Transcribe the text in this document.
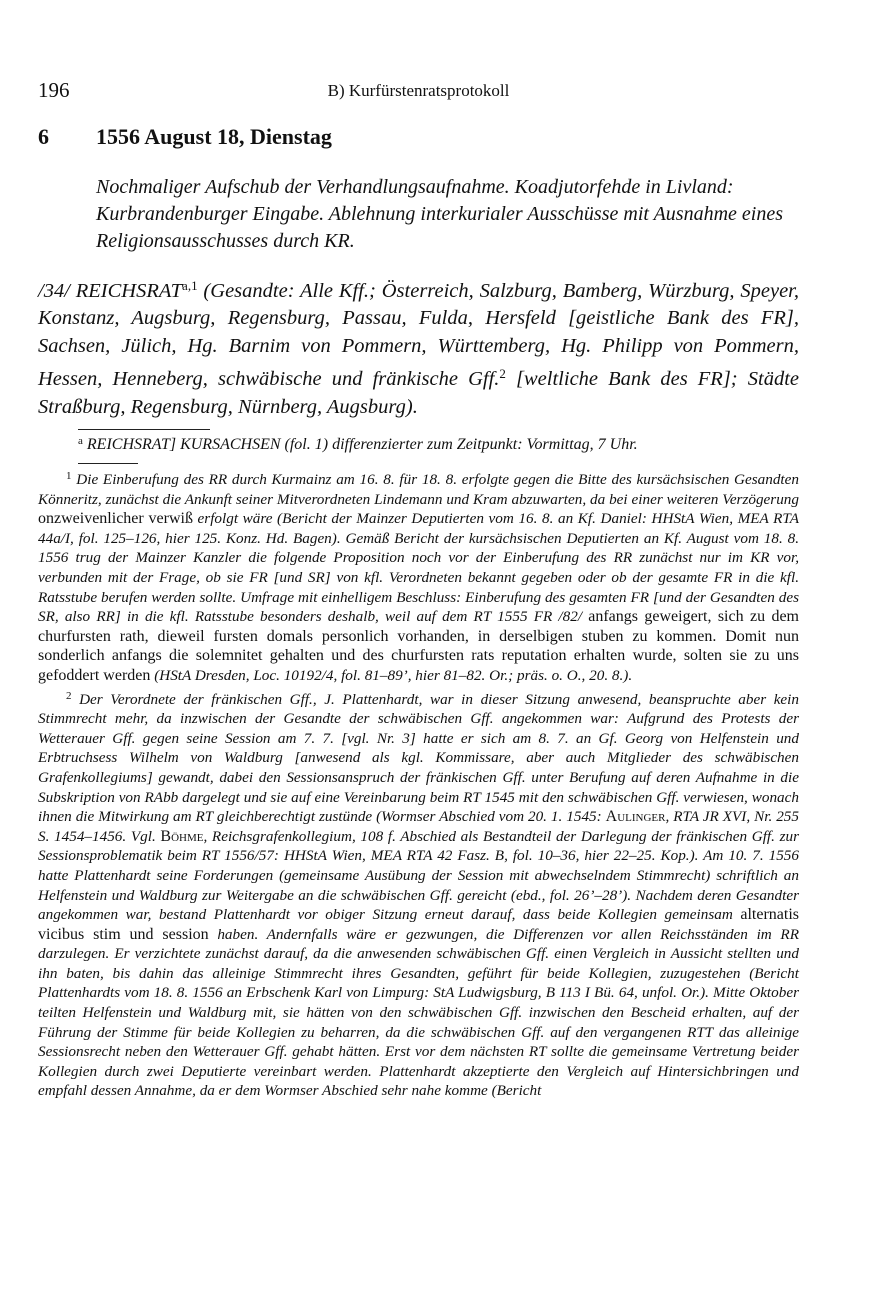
196	B) Kurfürstenratsprotokoll
6	1556 August 18, Dienstag
Nochmaliger Aufschub der Verhandlungsaufnahme. Koadjutorfehde in Livland: Kurbrandenburger Eingabe. Ablehnung interkurialer Ausschüsse mit Ausnahme eines Religionsausschusses durch KR.
/34/ REICHSRAT$^{a,1}$ (Gesandte: Alle Kff.; Österreich, Salzburg, Bamberg, Würzburg, Speyer, Konstanz, Augsburg, Regensburg, Passau, Fulda, Hersfeld [geistliche Bank des FR], Sachsen, Jülich, Hg. Barnim von Pommern, Württemberg, Hg. Philipp von Pommern, Hessen, Henneberg, schwäbische und fränkische Gff.$^2$ [weltliche Bank des FR]; Städte Straßburg, Regensburg, Nürnberg, Augsburg).
$^a$ REICHSRAT] KURSACHSEN (fol. 1) differenzierter zum Zeitpunkt: Vormittag, 7 Uhr.

$^1$ Die Einberufung des RR durch Kurmainz am 16. 8. für 18. 8. erfolgte gegen die Bitte des kursächsischen Gesandten Könneritz, zunächst die Ankunft seiner Mitverordneten Lindemann und Kram abzuwarten, da bei einer weiteren Verzögerung onzweivenlicher verwiß erfolgt wäre (Bericht der Mainzer Deputierten vom 16. 8. an Kf. Daniel: HHStA Wien, MEA RTA 44a/I, fol. 125–126, hier 125. Konz. Hd. Bagen). Gemäß Bericht der kursächsischen Deputierten an Kf. August vom 18. 8. 1556 trug der Mainzer Kanzler die folgende Proposition noch vor der Einberufung des RR zunächst nur im KR vor, verbunden mit der Frage, ob sie FR [und SR] von kfl. Verordneten bekannt gegeben oder ob der gesamte FR in die kfl. Ratsstube berufen werden sollte. Umfrage mit einhelligem Beschluss: Einberufung des gesamten FR [und der Gesandten des SR, also RR] in die kfl. Ratsstube besonders deshalb, weil auf dem RT 1555 FR /82/ anfangs geweigert, sich zu dem churfursten rath, dieweil fursten domals personlich vorhanden, in derselbigen stuben zu kommen. Domit nun sonderlich anfangs die solemnitet gehalten und des churfursten rats reputation erhalten wurde, solten sie zu uns gefoddert werden (HStA Dresden, Loc. 10192/4, fol. 81–89’, hier 81–82. Or.; präs. o. O., 20. 8.).

$^2$ Der Verordnete der fränkischen Gff., J. Plattenhardt, war in dieser Sitzung anwesend, beanspruchte aber kein Stimmrecht mehr, da inzwischen der Gesandte der schwäbischen Gff. angekommen war: Aufgrund des Protests der Wetterauer Gff. gegen seine Session am 7. 7. [vgl. Nr. 3] hatte er sich am 8. 7. an Gf. Georg von Helfenstein und Erbtruchsess Wilhelm von Waldburg [anwesend als kgl. Kommissare, aber auch Mitglieder des schwäbischen Grafenkollegiums] gewandt, dabei den Sessionsanspruch der fränkischen Gff. unter Berufung auf deren Aufnahme in die Subskription von RAbb dargelegt und sie auf eine Vereinbarung beim RT 1545 mit den schwäbischen Gff. verwiesen, wonach ihnen die Mitwirkung am RT gleichberechtigt zustünde (Wormser Abschied vom 20. 1. 1545: Aulinger, RTA JR XVI, Nr. 255 S. 1454–1456. Vgl. Böhme, Reichsgrafenkollegium, 108 f. Abschied als Bestandteil der Darlegung der fränkischen Gff. zur Sessionsproblematik beim RT 1556/57: HHStA Wien, MEA RTA 42 Fasz. B, fol. 10–36, hier 22–25. Kop.). Am 10. 7. 1556 hatte Plattenhardt seine Forderungen (gemeinsame Ausübung der Session mit abwechselndem Stimmrecht) schriftlich an Helfenstein und Waldburg zur Weitergabe an die schwäbischen Gff. gereicht (ebd., fol. 26’–28’). Nachdem deren Gesandter angekommen war, bestand Plattenhardt vor obiger Sitzung erneut darauf, dass beide Kollegien gemeinsam alternatis vicibus stim und session haben. Andernfalls wäre er gezwungen, die Differenzen vor allen Reichsständen im RR darzulegen. Er verzichtete zunächst darauf, da die anwesenden schwäbischen Gff. einen Vergleich in Aussicht stellten und ihn baten, bis dahin das alleinige Stimmrecht ihres Gesandten, geführt für beide Kollegien, zuzugestehen (Bericht Plattenhardts vom 18. 8. 1556 an Erbschenk Karl von Limpurg: StA Ludwigsburg, B 113 I Bü. 64, unfol. Or.). Mitte Oktober teilten Helfenstein und Waldburg mit, sie hätten von den schwäbischen Gff. inzwischen den Bescheid erhalten, auf der Führung der Stimme für beide Kollegien zu beharren, da die schwäbischen Gff. auf den vergangenen RTT das alleinige Sessionsrecht neben den Wetterauer Gff. gehabt hätten. Erst vor dem nächsten RT sollte die gemeinsame Vertretung beider Kollegien durch zwei Deputierte vereinbart werden. Plattenhardt akzeptierte den Vergleich auf Hintersichbringen und empfahl dessen Annahme, da er dem Wormser Abschied sehr nahe komme (Bericht
